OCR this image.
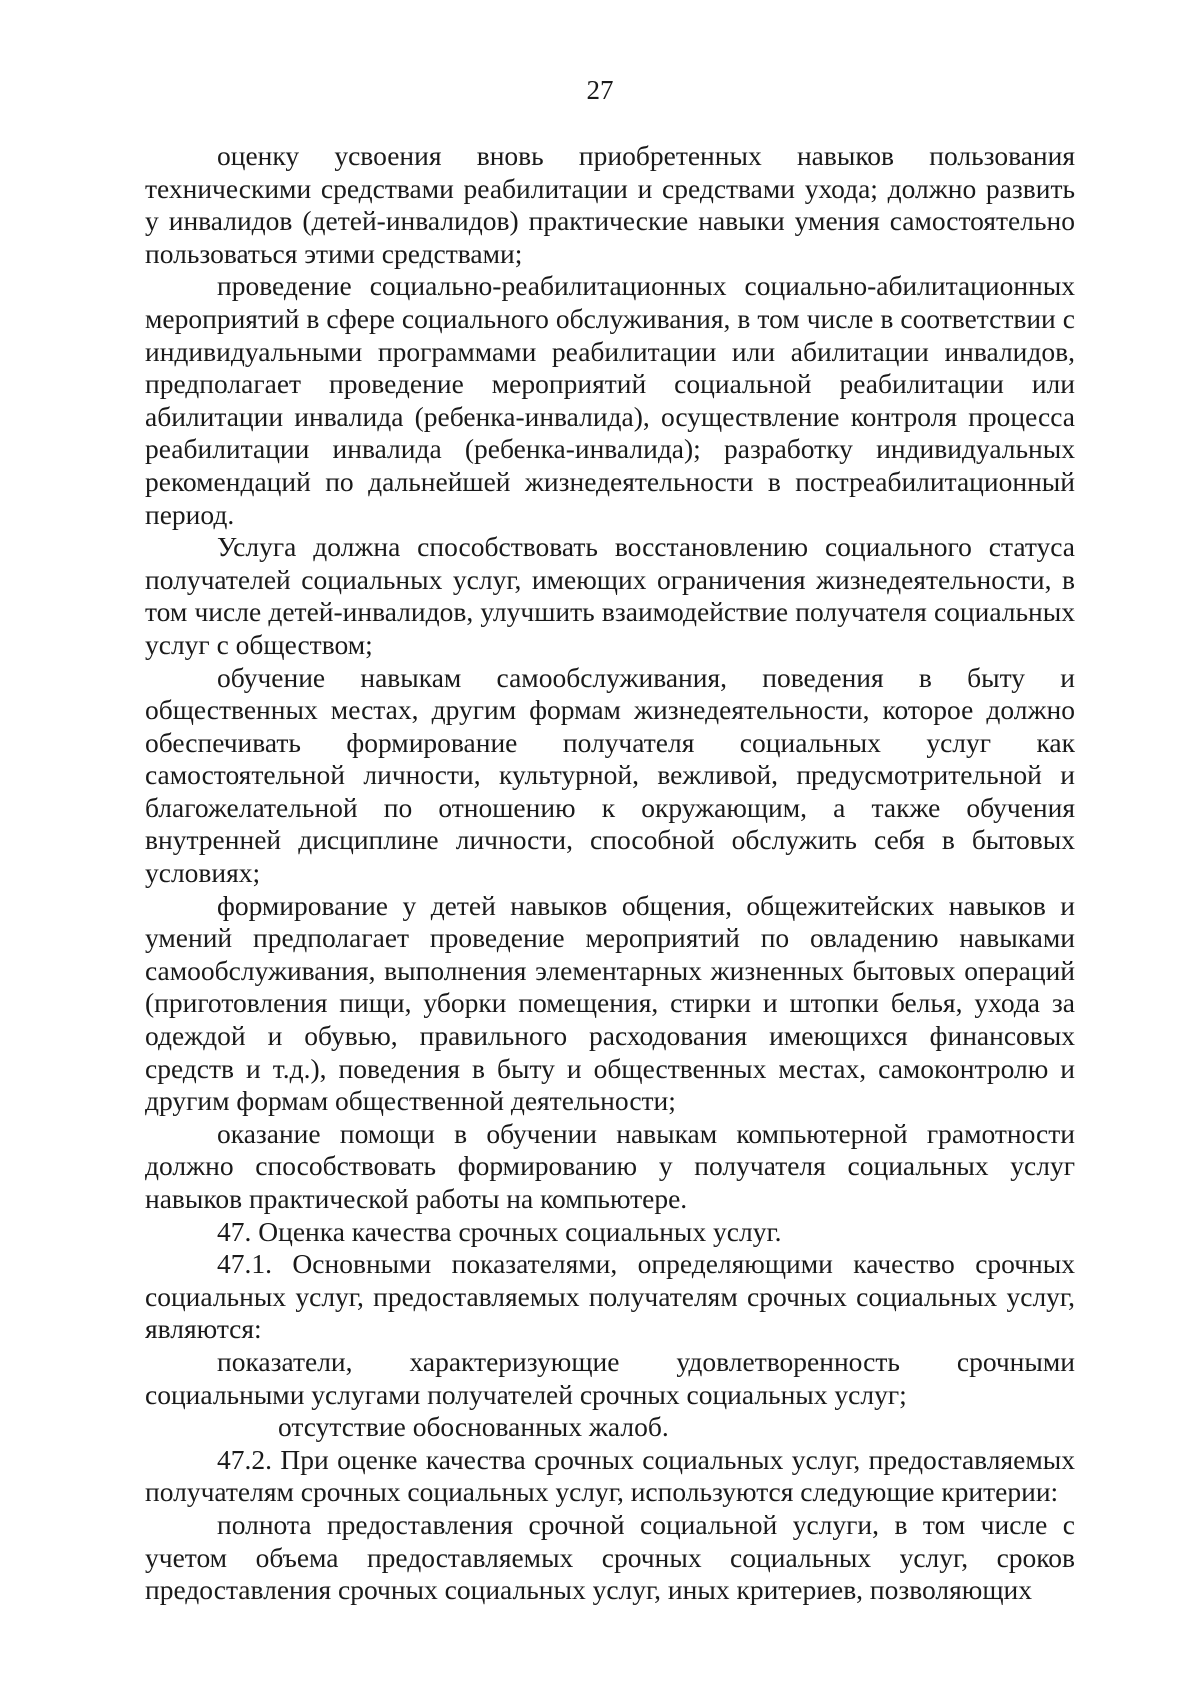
27

оценку усвоения вновь приобретенных навыков пользования техническими средствами реабилитации и средствами ухода; должно развить у инвалидов (детей-инвалидов) практические навыки умения самостоятельно пользоваться этими средствами;

проведение социально-реабилитационных социально-абилитационных мероприятий в сфере социального обслуживания, в том числе в соответствии с индивидуальными программами реабилитации или абилитации инвалидов, предполагает проведение мероприятий социальной реабилитации или абилитации инвалида (ребенка-инвалида), осуществление контроля процесса реабилитации инвалида (ребенка-инвалида); разработку индивидуальных рекомендаций по дальнейшей жизнедеятельности в постреабилитационный период.

Услуга должна способствовать восстановлению социального статуса получателей социальных услуг, имеющих ограничения жизнедеятельности, в том числе детей-инвалидов, улучшить взаимодействие получателя социальных услуг с обществом;

обучение навыкам самообслуживания, поведения в быту и общественных местах, другим формам жизнедеятельности, которое должно обеспечивать формирование получателя социальных услуг как самостоятельной личности, культурной, вежливой, предусмотрительной и благожелательной по отношению к окружающим, а также обучения внутренней дисциплине личности, способной обслужить себя в бытовых условиях;

формирование у детей навыков общения, общежитейских навыков и умений предполагает проведение мероприятий по овладению навыками самообслуживания, выполнения элементарных жизненных бытовых операций (приготовления пищи, уборки помещения, стирки и штопки белья, ухода за одеждой и обувью, правильного расходования имеющихся финансовых средств и т.д.), поведения в быту и общественных местах, самоконтролю и другим формам общественной деятельности;

оказание помощи в обучении навыкам компьютерной грамотности должно способствовать формированию у получателя социальных услуг навыков практической работы на компьютере.

47. Оценка качества срочных социальных услуг.

47.1. Основными показателями, определяющими качество срочных социальных услуг, предоставляемых получателям срочных социальных услуг, являются:

показатели, характеризующие удовлетворенность срочными социальными услугами получателей срочных социальных услуг;

отсутствие обоснованных жалоб.

47.2. При оценке качества срочных социальных услуг, предоставляемых получателям срочных социальных услуг, используются следующие критерии:

полнота предоставления срочной социальной услуги, в том числе с учетом объема предоставляемых срочных социальных услуг, сроков предоставления срочных социальных услуг, иных критериев, позволяющих
